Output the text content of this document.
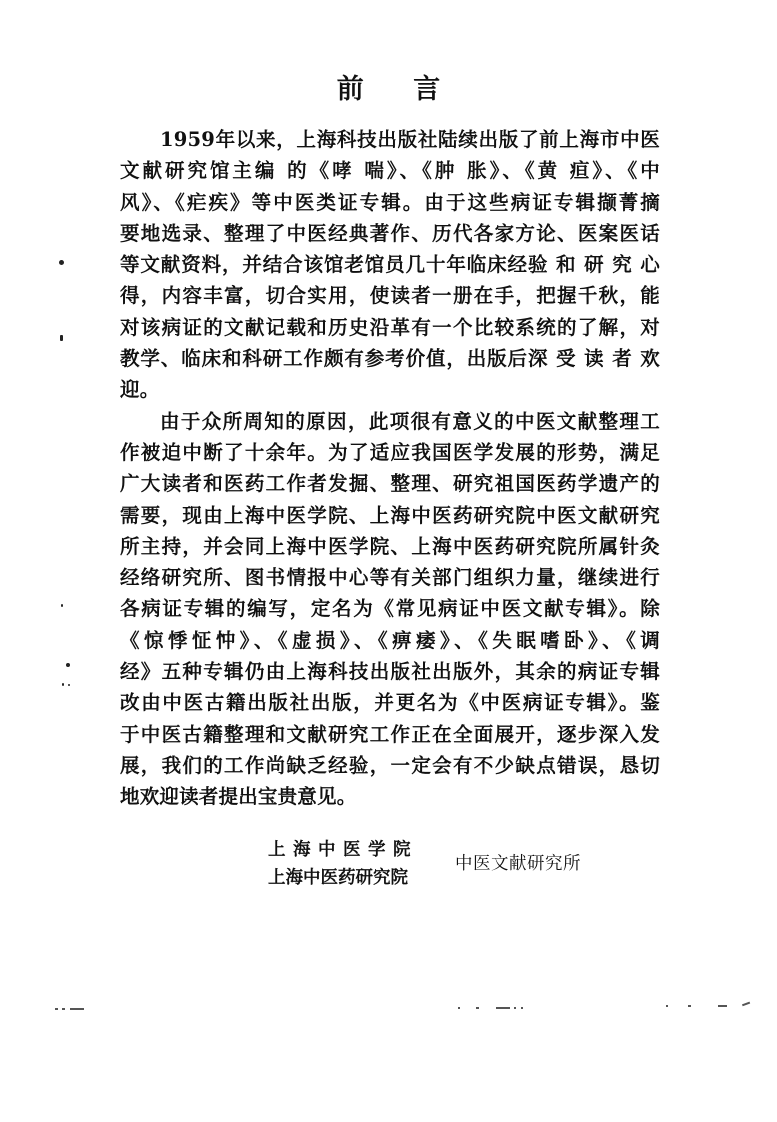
前 言
1959年以来，上海科技出版社陆续出版了前上海市中医
文献研究馆主编 的《哮 喘》、《肿 胀》、《黄 疸》、《中
风》、《疟疾》等中医类证专辑。由于这些病证专辑撷菁摘
要地选录、整理了中医经典著作、历代各家方论、医案医话
等文献资料，并结合该馆老馆员几十年临床经验 和 研 究 心
得，内容丰富，切合实用，使读者一册在手，把握千秋，能
对该病证的文献记载和历史沿革有一个比较系统的了解，对
教学、临床和科研工作颇有参考价值，出版后深 受 读 者 欢
迎。
由于众所周知的原因，此项很有意义的中医文献整理工
作被迫中断了十余年。为了适应我国医学发展的形势，满足
广大读者和医药工作者发掘、整理、研究祖国医药学遗产的
需要，现由上海中医学院、上海中医药研究院中医文献研究
所主持，并会同上海中医学院、上海中医药研究院所属针灸
经络研究所、图书情报中心等有关部门组织力量，继续进行
各病证专辑的编写，定名为《常见病证中医文献专辑》。除
《惊悸怔忡》、《虚损》、《痹痿》、《失眠嗜卧》、《调
经》五种专辑仍由上海科技出版社出版外，其余的病证专辑
改由中医古籍出版社出版，并更名为《中医病证专辑》。鉴
于中医古籍整理和文献研究工作正在全面展开，逐步深入发
展，我们的工作尚缺乏经验，一定会有不少缺点错误，恳切
地欢迎读者提出宝贵意见。
上海中医学院
上海中医药研究院
中医文献研究所
